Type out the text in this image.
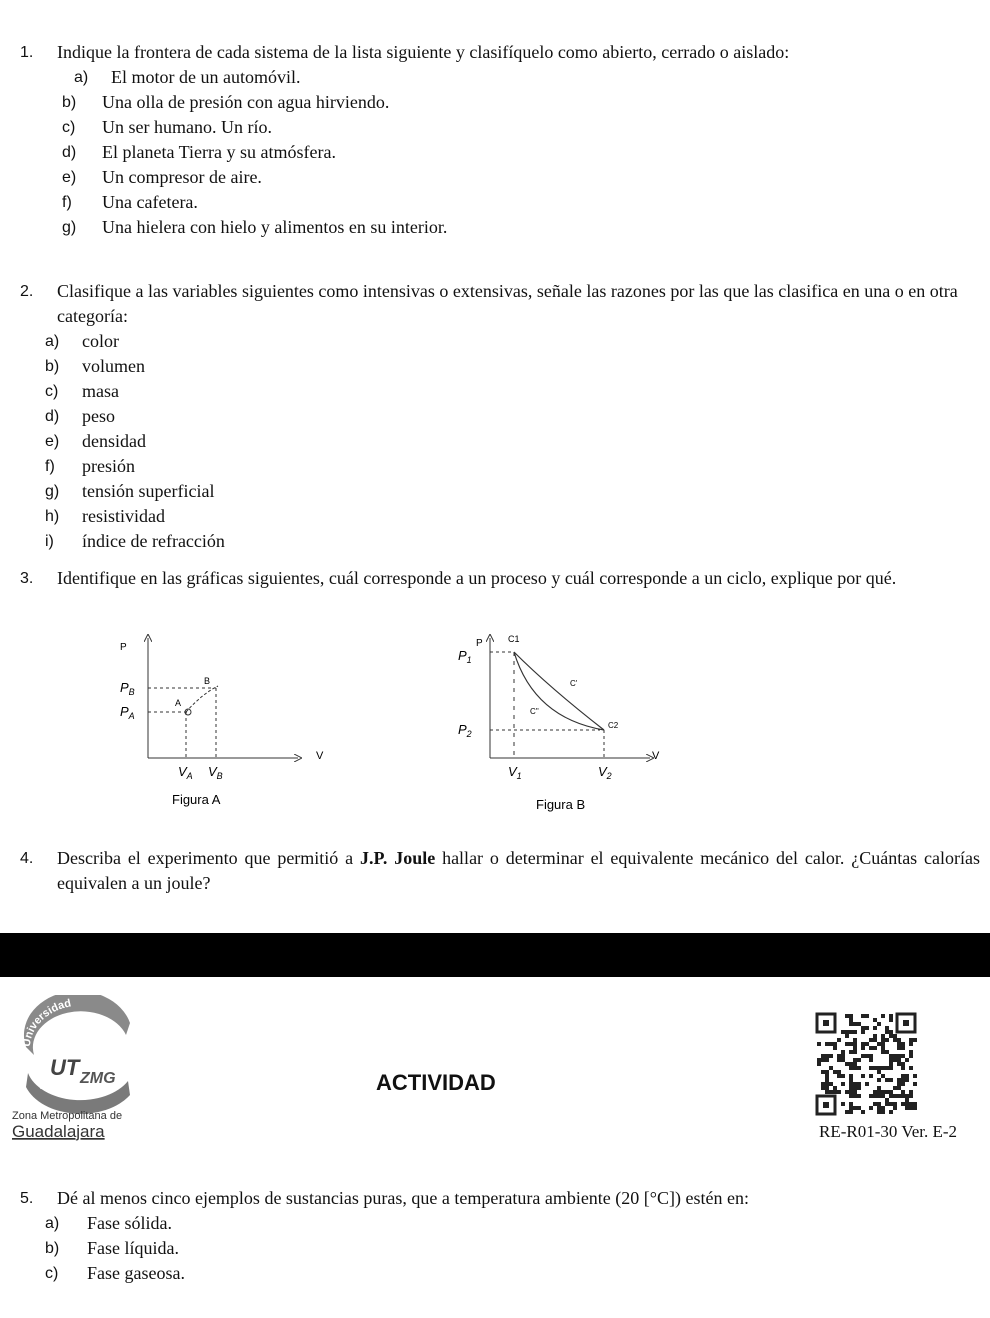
1. Indique la frontera de cada sistema de la lista siguiente y clasifíquelo como abierto, cerrado o aislado:
a) El motor de un automóvil.
b) Una olla de presión con agua hirviendo.
c) Un ser humano. Un río.
d) El planeta Tierra y su atmósfera.
e) Un compresor de aire.
f) Una cafetera.
g) Una hielera con hielo y alimentos en su interior.
2. Clasifique a las variables siguientes como intensivas o extensivas, señale las razones por las que las clasifica en una o en otra categoría:
a) color
b) volumen
c) masa
d) peso
e) densidad
f) presión
g) tensión superficial
h) resistividad
i) índice de refracción
3. Identifique en las gráficas siguientes, cuál corresponde a un proceso y cuál corresponde a un ciclo, explique por qué.
P
V
$P_B$
$P_A$
$V_A$ $V_B$
A
B
Figura A
P
V
C1
C'
C''
C2
$P_1$
$P_2$
$V_1$	$V_2$
Figura B
4. Describa el experimento que permitió a J.P. Joule hallar o determinar el equivalente mecánico del calor. ¿Cuántas calorías equivalen a un joule?
Universidad
Tecnológica
UT ZMG
Zona Metropolitana de
Guadalajara
ACTIVIDAD
RE-R01-30 Ver. E-2
5. Dé al menos cinco ejemplos de sustancias puras, que a temperatura ambiente (20 [°C]) estén en:
a) Fase sólida.
b) Fase líquida.
c) Fase gaseosa.
